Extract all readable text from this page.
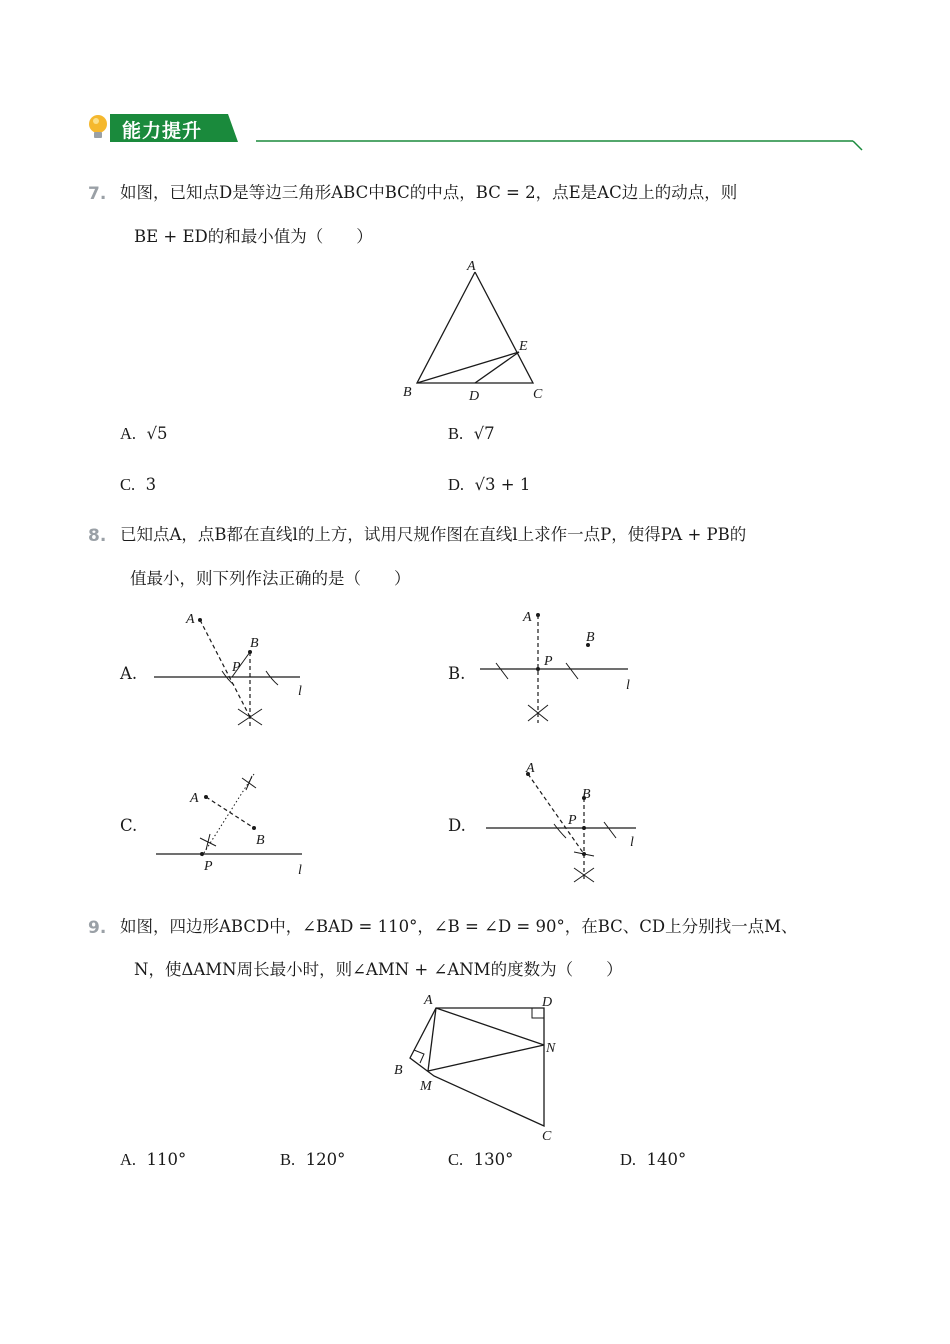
能力提升
7. 如图，已知点D是等边三角形ABC中BC的中点，BC = 2，点E是AC边上的动点，则
BE + ED的和最小值为（　　）
A
B	C
D
E
A. √5	B. √7
C. 3	D. √3 + 1
8. 已知点A，点B都在直线l的上方，试用尺规作图在直线l上求作一点P，使得PA + PB的
值最小，则下列作法正确的是（　　）
A.
A
B
P
l
B.
A
B
P
l
C.
A
B
P	l
D.
A
B
P
l
9. 如图，四边形ABCD中，∠BAD = 110°，∠B = ∠D = 90°，在BC、CD上分别找一点M、
N，使ΔAMN周长最小时，则∠AMN + ∠ANM的度数为（　　）
A
B
C
D
M
N
A. 110°	B. 120°	C. 130°	D. 140°
